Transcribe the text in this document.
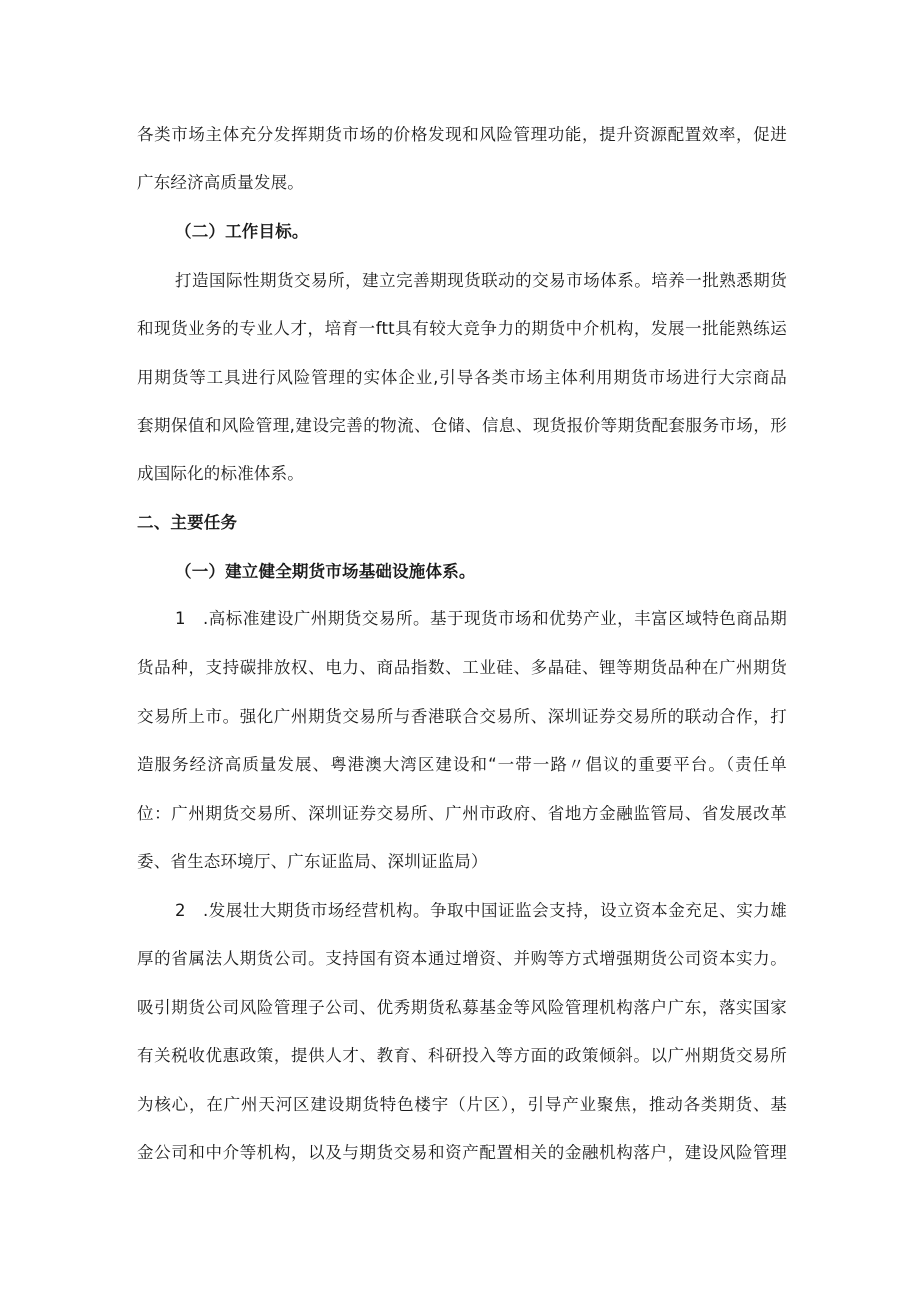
各类市场主体充分发挥期货市场的价格发现和风险管理功能，提升资源配置效率，促进
广东经济高质量发展。
（二）工作目标。
打造国际性期货交易所，建立完善期现货联动的交易市场体系。培养一批熟悉期货
和现货业务的专业人才，培育一ftt具有较大竞争力的期货中介机构，发展一批能熟练运
用期货等工具进行风险管理的实体企业,引导各类市场主体利用期货市场进行大宗商品
套期保值和风险管理,建设完善的物流、仓储、信息、现货报价等期货配套服务市场，形
成国际化的标准体系。
二、主要任务
（一）建立健全期货市场基础设施体系。
1　.高标准建设广州期货交易所。基于现货市场和优势产业，丰富区域特色商品期
货品种，支持碳排放权、电力、商品指数、工业硅、多晶硅、锂等期货品种在广州期货
交易所上市。强化广州期货交易所与香港联合交易所、深圳证券交易所的联动合作，打
造服务经济高质量发展、粤港澳大湾区建设和“一带一路〃倡议的重要平台。（责任单
位：广州期货交易所、深圳证券交易所、广州市政府、省地方金融监管局、省发展改革
委、省生态环境厅、广东证监局、深圳证监局）
2　.发展壮大期货市场经营机构。争取中国证监会支持，设立资本金充足、实力雄
厚的省属法人期货公司。支持国有资本通过增资、并购等方式增强期货公司资本实力。
吸引期货公司风险管理子公司、优秀期货私募基金等风险管理机构落户广东，落实国家
有关税收优惠政策，提供人才、教育、科研投入等方面的政策倾斜。以广州期货交易所
为核心，在广州天河区建设期货特色楼宇（片区），引导产业聚焦，推动各类期货、基
金公司和中介等机构，以及与期货交易和资产配置相关的金融机构落户，建设风险管理
